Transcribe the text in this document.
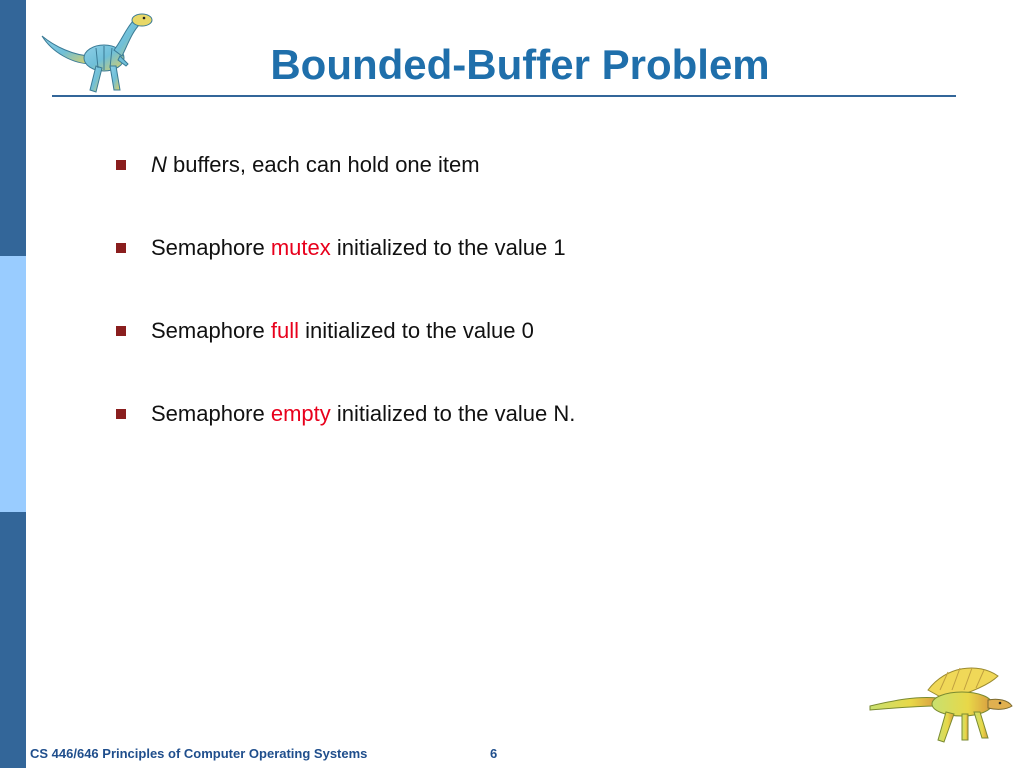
Bounded-Buffer Problem
N buffers, each can hold one item
Semaphore mutex initialized to the value 1
Semaphore full initialized to the value 0
Semaphore empty initialized to the value N.
CS 446/646 Principles of Computer Operating Systems	6
